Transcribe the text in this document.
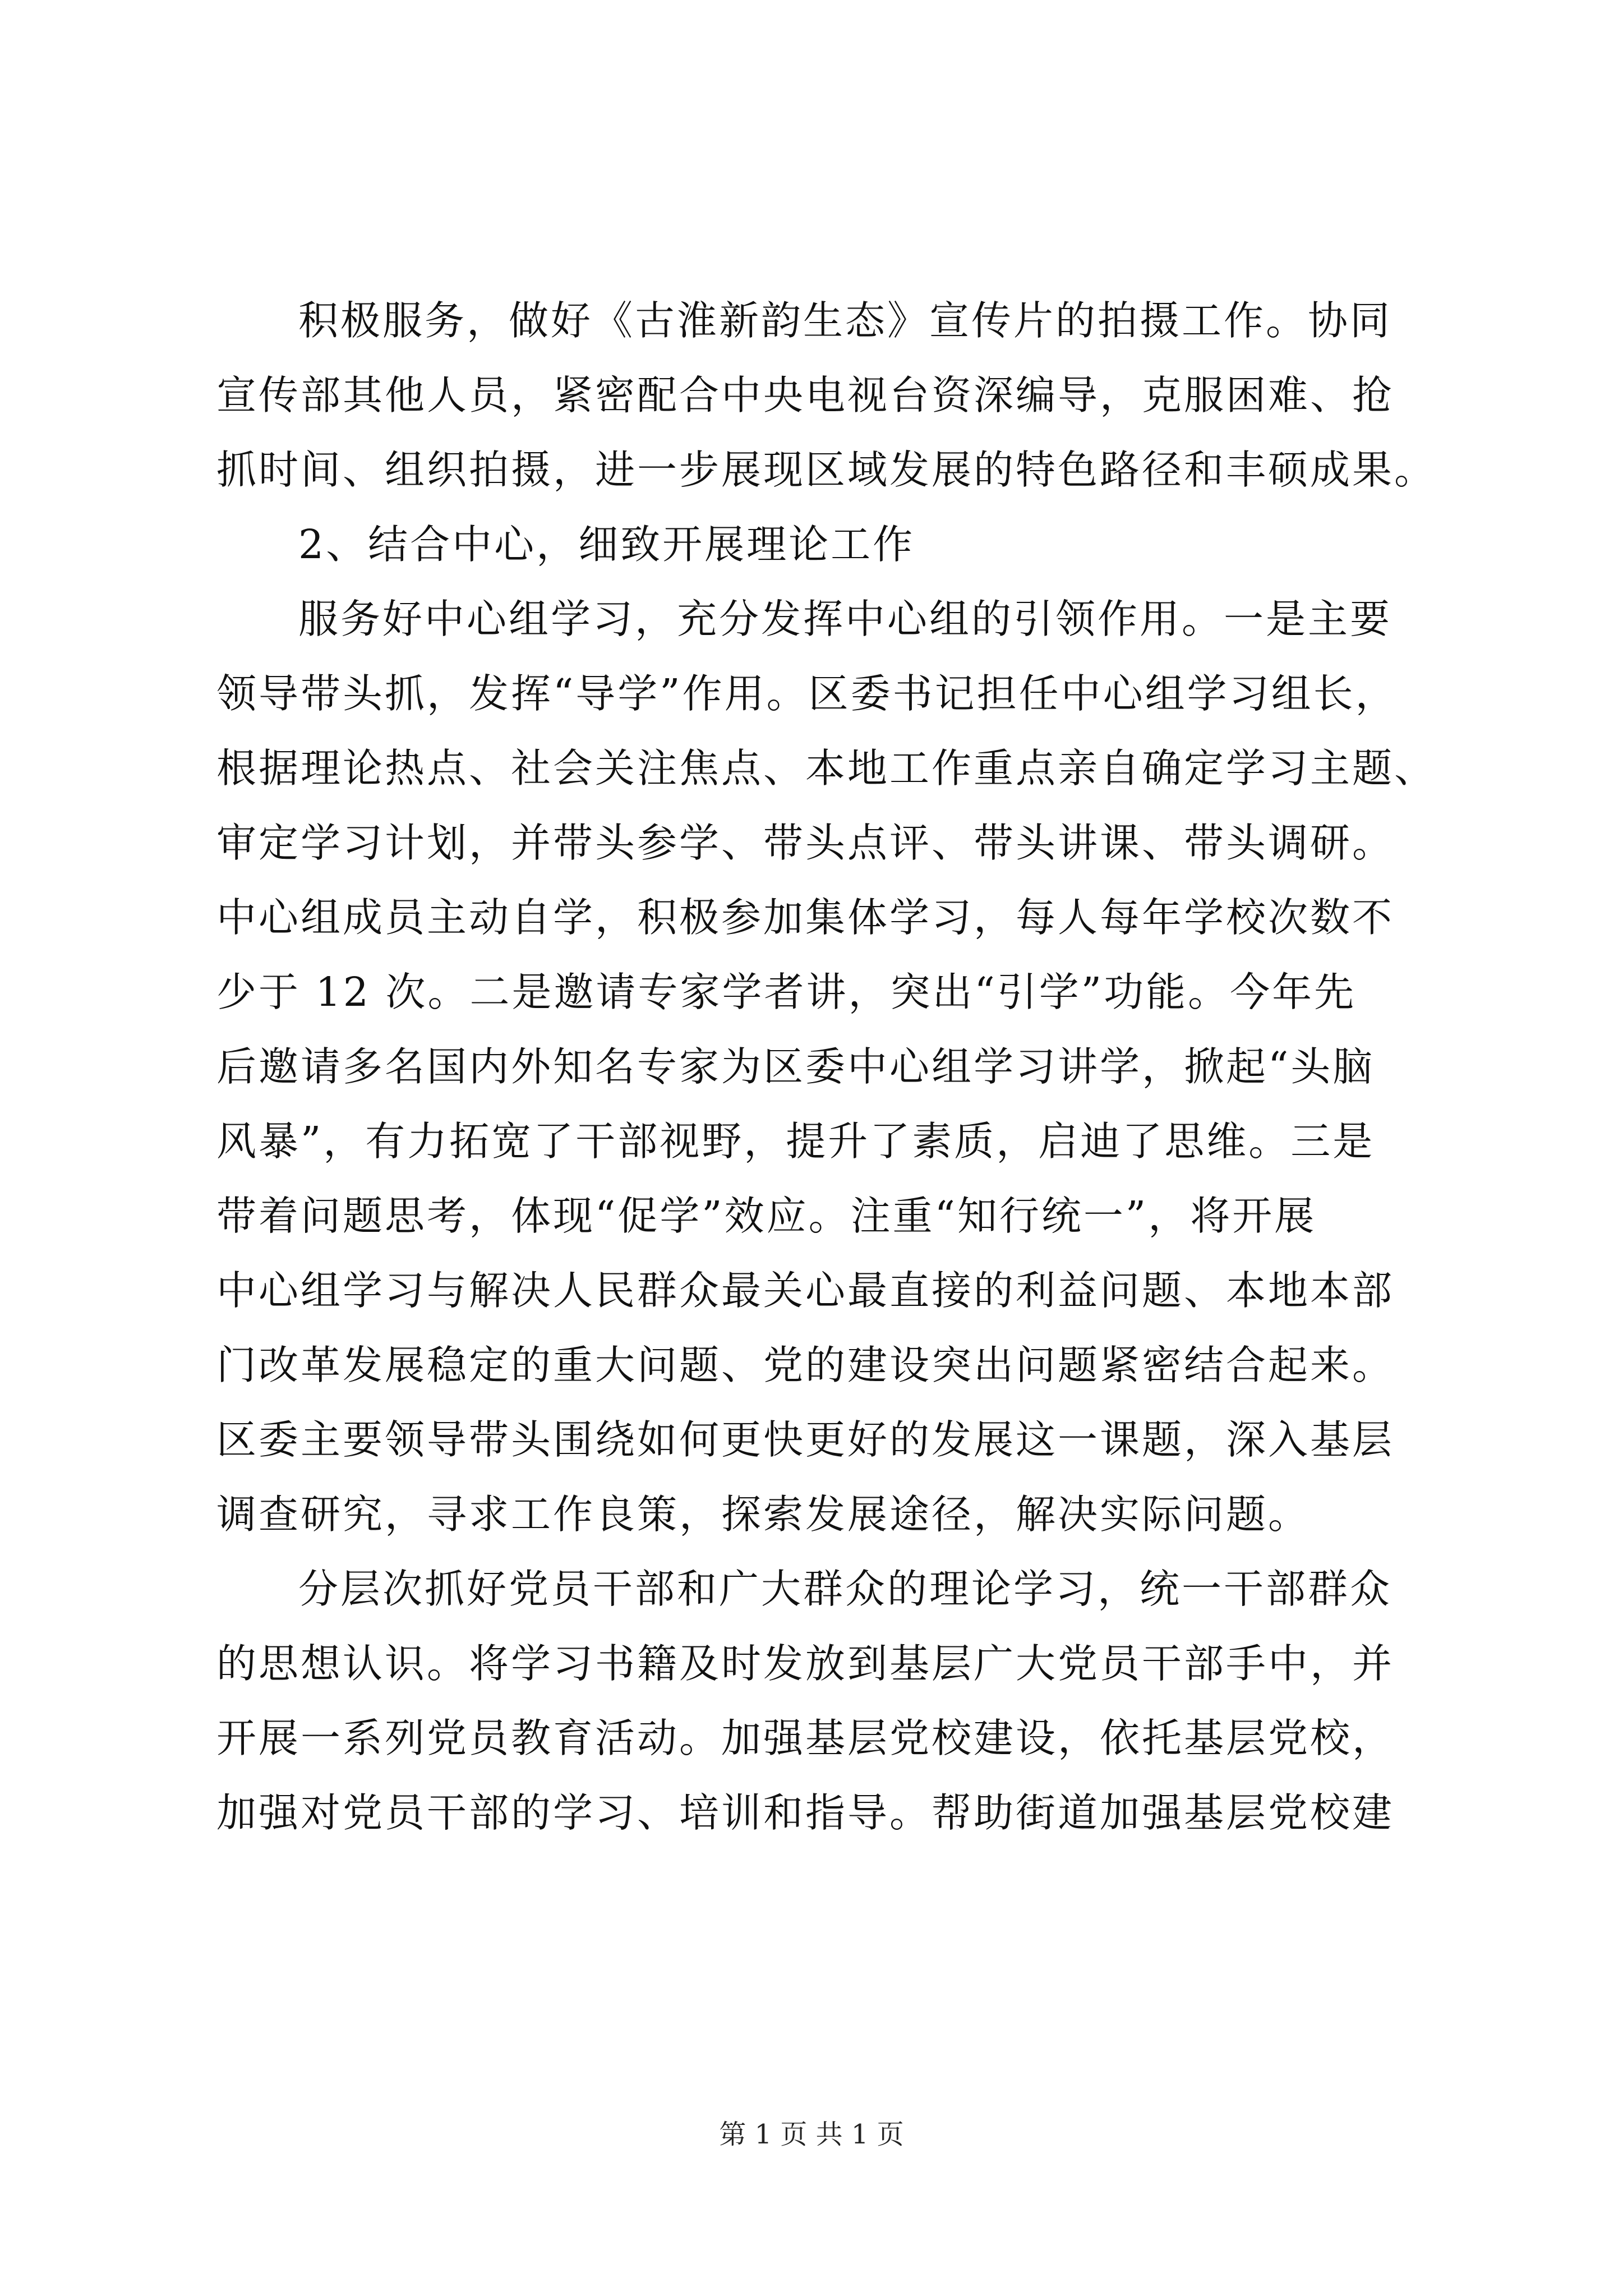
积极服务，做好《古淮新韵生态》宣传片的拍摄工作。协同
宣传部其他人员，紧密配合中央电视台资深编导，克服困难、抢
抓时间、组织拍摄，进一步展现区域发展的特色路径和丰硕成果。
2、结合中心，细致开展理论工作
服务好中心组学习，充分发挥中心组的引领作用。一是主要
领导带头抓，发挥“导学”作用。区委书记担任中心组学习组长，
根据理论热点、社会关注焦点、本地工作重点亲自确定学习主题、
审定学习计划，并带头参学、带头点评、带头讲课、带头调研。
中心组成员主动自学，积极参加集体学习，每人每年学校次数不
少于 12 次。二是邀请专家学者讲，突出“引学”功能。今年先
后邀请多名国内外知名专家为区委中心组学习讲学，掀起“头脑
风暴”，有力拓宽了干部视野，提升了素质，启迪了思维。三是
带着问题思考，体现“促学”效应。注重“知行统一”，将开展
中心组学习与解决人民群众最关心最直接的利益问题、本地本部
门改革发展稳定的重大问题、党的建设突出问题紧密结合起来。
区委主要领导带头围绕如何更快更好的发展这一课题，深入基层
调查研究，寻求工作良策，探索发展途径，解决实际问题。
分层次抓好党员干部和广大群众的理论学习，统一干部群众
的思想认识。将学习书籍及时发放到基层广大党员干部手中，并
开展一系列党员教育活动。加强基层党校建设，依托基层党校，
加强对党员干部的学习、培训和指导。帮助街道加强基层党校建
第 1 页 共 1 页
